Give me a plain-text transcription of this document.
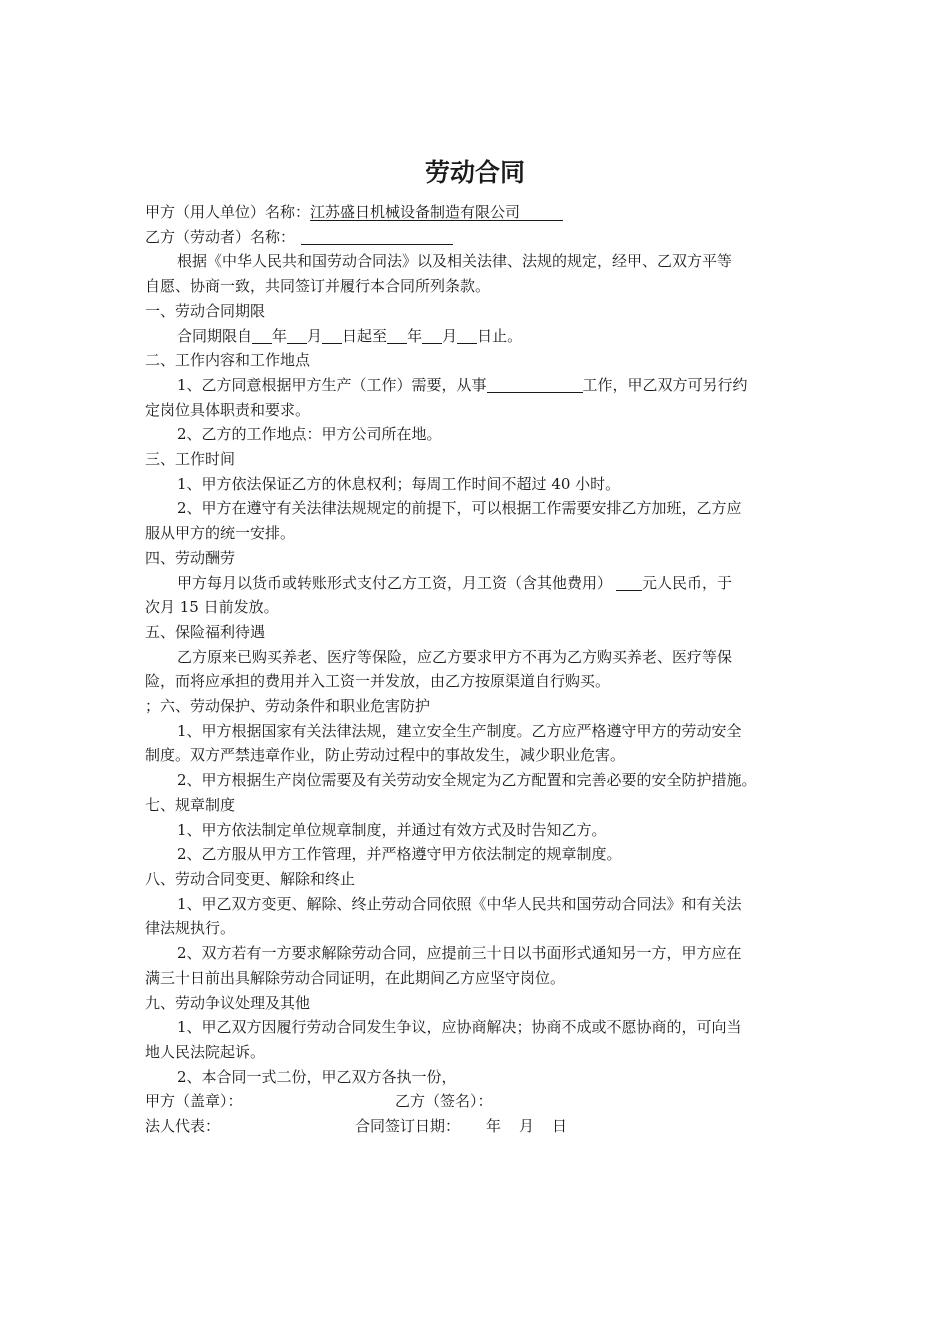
劳动合同
甲方（用人单位）名称：江苏盛日机械设备制造有限公司
乙方（劳动者）名称：
根据《中华人民共和国劳动合同法》以及相关法律、法规的规定，经甲、乙双方平等
自愿、协商一致，共同签订并履行本合同所列条款。
一、劳动合同期限
合同期限自 年 月 日起至 年 月 日止。
二、工作内容和工作地点
1、乙方同意根据甲方生产（工作）需要，从事	工作，甲乙双方可另行约
定岗位具体职责和要求。
2、乙方的工作地点：甲方公司所在地。
三、工作时间
1、甲方依法保证乙方的休息权利；每周工作时间不超过 40 小时。
2、甲方在遵守有关法律法规规定的前提下，可以根据工作需要安排乙方加班，乙方应
服从甲方的统一安排。
四、劳动酬劳
甲方每月以货币或转账形式支付乙方工资，月工资（含其他费用） 元人民币，于
次月 15 日前发放。
五、保险福利待遇
乙方原来已购买养老、医疗等保险，应乙方要求甲方不再为乙方购买养老、医疗等保
险，而将应承担的费用并入工资一并发放，由乙方按原渠道自行购买。
；六、劳动保护、劳动条件和职业危害防护
1、甲方根据国家有关法律法规，建立安全生产制度。乙方应严格遵守甲方的劳动安全
制度。双方严禁违章作业，防止劳动过程中的事故发生，减少职业危害。
2、甲方根据生产岗位需要及有关劳动安全规定为乙方配置和完善必要的安全防护措施。
七、规章制度
1、甲方依法制定单位规章制度，并通过有效方式及时告知乙方。
2、乙方服从甲方工作管理，并严格遵守甲方依法制定的规章制度。
八、劳动合同变更、解除和终止
1、甲乙双方变更、解除、终止劳动合同依照《中华人民共和国劳动合同法》和有关法
律法规执行。
2、双方若有一方要求解除劳动合同，应提前三十日以书面形式通知另一方，甲方应在
满三十日前出具解除劳动合同证明，在此期间乙方应坚守岗位。
九、劳动争议处理及其他
1、甲乙双方因履行劳动合同发生争议，应协商解决；协商不成或不愿协商的，可向当
地人民法院起诉。
2、本合同一式二份，甲乙双方各执一份，
甲方（盖章）：	乙方（签名）：
法人代表：	合同签订日期： 年 月 日
